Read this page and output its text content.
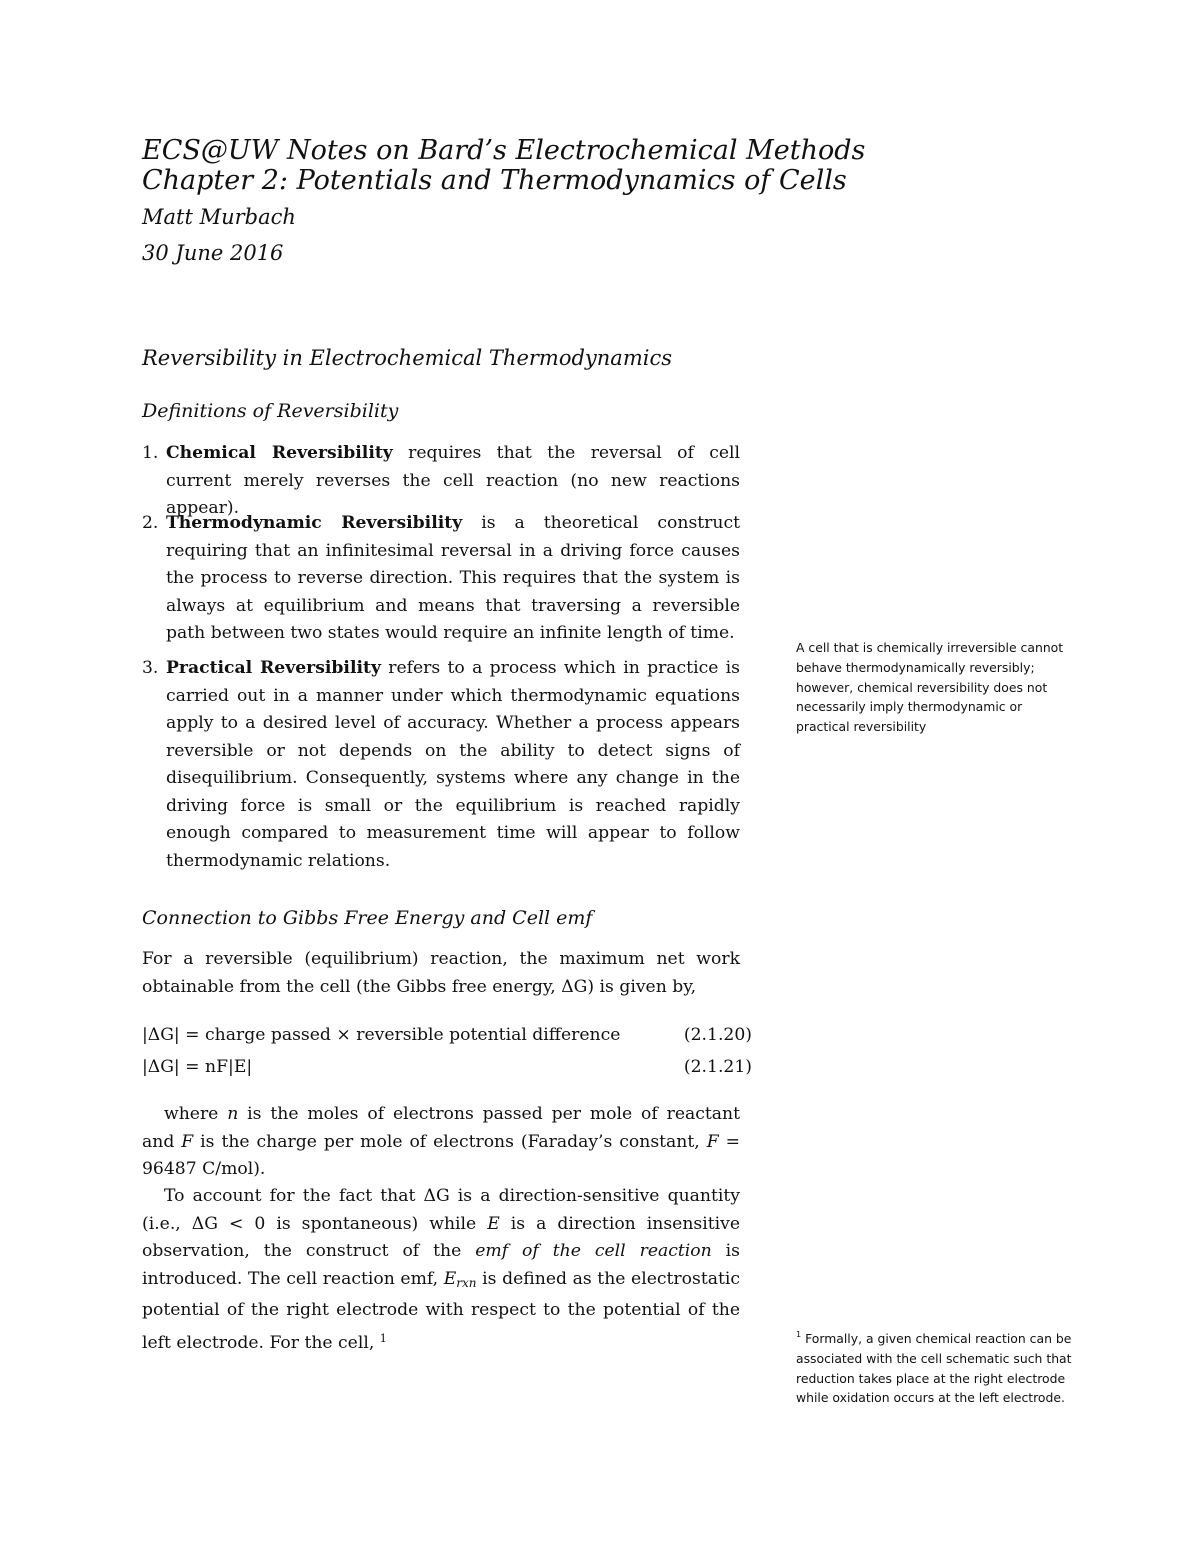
ECS@UW Notes on Bard’s Electrochemical Methods
Chapter 2: Potentials and Thermodynamics of Cells
Matt Murbach
30 June 2016
Reversibility in Electrochemical Thermodynamics
Definitions of Reversibility
1. Chemical Reversibility requires that the reversal of cell current merely reverses the cell reaction (no new reactions appear).
2. Thermodynamic Reversibility is a theoretical construct requiring that an infinitesimal reversal in a driving force causes the process to reverse direction. This requires that the system is always at equilibrium and means that traversing a reversible path between two states would require an infinite length of time.
3. Practical Reversibility refers to a process which in practice is carried out in a manner under which thermodynamic equations apply to a desired level of accuracy. Whether a process appears reversible or not depends on the ability to detect signs of disequilibrium. Consequently, systems where any change in the driving force is small or the equilibrium is reached rapidly enough compared to measurement time will appear to follow thermodynamic relations.
A cell that is chemically irreversible cannot behave thermodynamically reversibly; however, chemical reversibility does not necessarily imply thermodynamic or practical reversibility
Connection to Gibbs Free Energy and Cell emf
For a reversible (equilibrium) reaction, the maximum net work obtainable from the cell (the Gibbs free energy, ΔG) is given by,
|ΔG| = charge passed × reversible potential difference	(2.1.20)
|ΔG| = nF|E|	(2.1.21)
where n is the moles of electrons passed per mole of reactant and F is the charge per mole of electrons (Faraday’s constant, F = 96487 C/mol).
To account for the fact that ΔG is a direction-sensitive quantity (i.e., ΔG < 0 is spontaneous) while E is a direction insensitive observation, the construct of the emf of the cell reaction is introduced. The cell reaction emf, $E_{rxn}$ is defined as the electrostatic potential of the right electrode with respect to the potential of the left electrode. For the cell, $^1$	$^1$ Formally, a given chemical reaction can be associated with the cell schematic such that reduction takes place at the right electrode while oxidation occurs at the left electrode.
